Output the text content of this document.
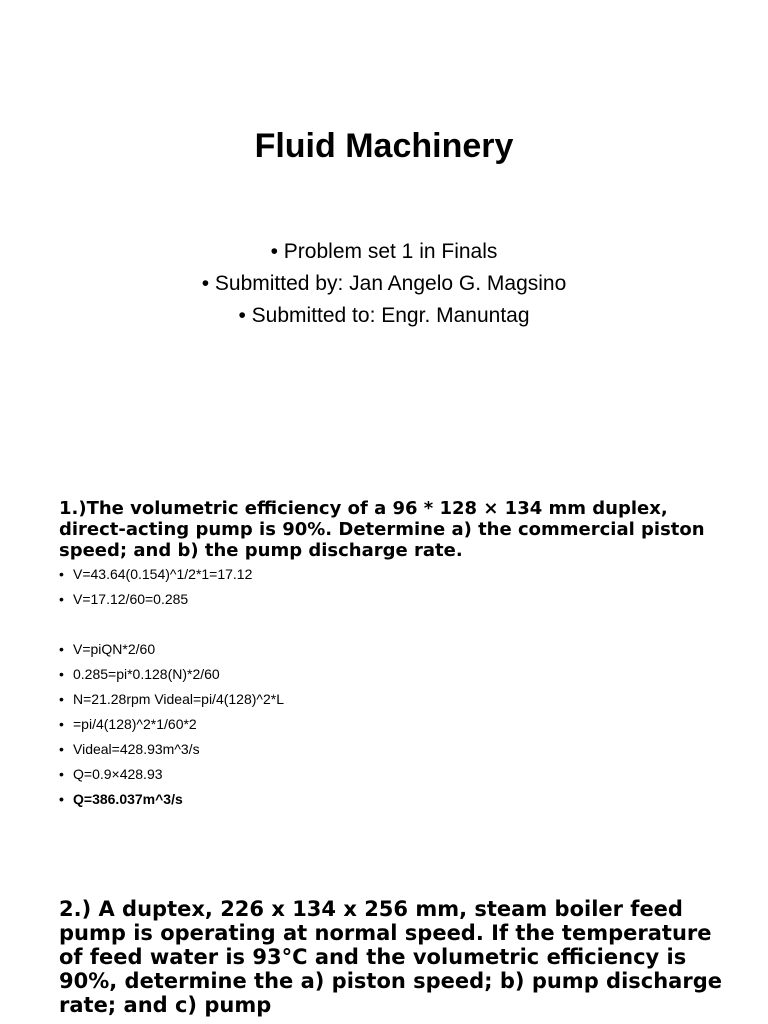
Fluid Machinery
• Problem set 1 in Finals
• Submitted by: Jan Angelo G. Magsino
• Submitted to: Engr. Manuntag

1.)The volumetric efficiency of a 96 * 128 × 134 mm duplex, direct-acting pump is 90%. Determine a) the commercial piston speed; and b) the pump discharge rate.

• V=43.64(0.154)^1/2*1=17.12
• V=17.12/60=0.285
• V=piQN*2/60
• 0.285=pi*0.128(N)*2/60
• N=21.28rpm Videal=pi/4(128)^2*L
• =pi/4(128)^2*1/60*2
• Videal=428.93m^3/s
• Q=0.9×428.93
• Q=386.037m^3/s

2.) A duptex, 226 x 134 x 256 mm, steam boiler feed pump is operating at normal speed. If the temperature of feed water is 93°C and the volumetric efficiency is 90%, determine the a) piston speed; b) pump discharge rate; and c) pump
